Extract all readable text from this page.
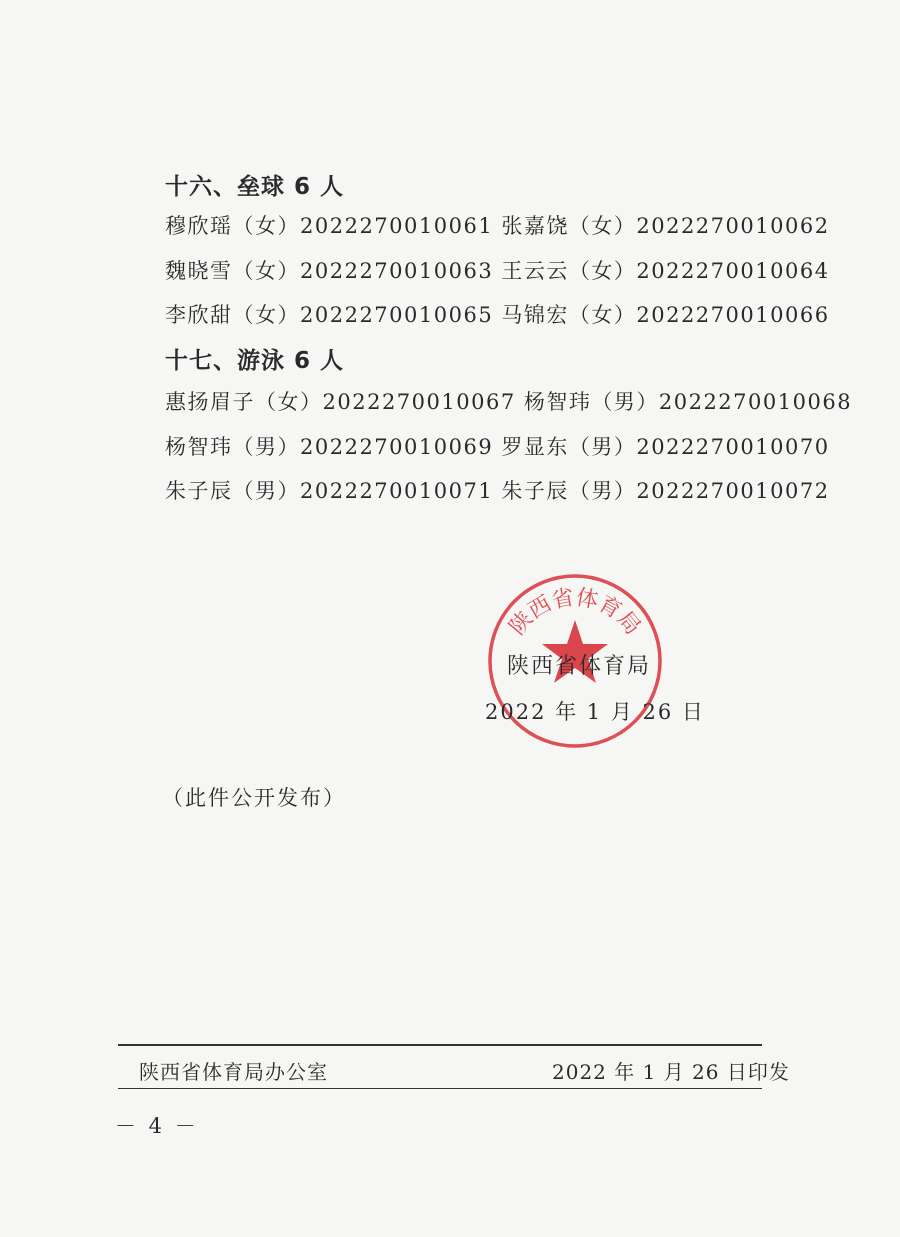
十六、垒球 6 人
穆欣瑶（女）2022270010061 张嘉饶（女）2022270010062
魏晓雪（女）2022270010063 王云云（女）2022270010064
李欣甜（女）2022270010065 马锦宏（女）2022270010066
十七、游泳 6 人
惠扬眉子（女）2022270010067 杨智玮（男）2022270010068
杨智玮（男）2022270010069 罗显东（男）2022270010070
朱子辰（男）2022270010071 朱子辰（男）2022270010072
陕西省体育局
陕西省体育局
2022 年 1 月 26 日
（此件公开发布）
陕西省体育局办公室	2022 年 1 月 26 日印发
－ 4 －
